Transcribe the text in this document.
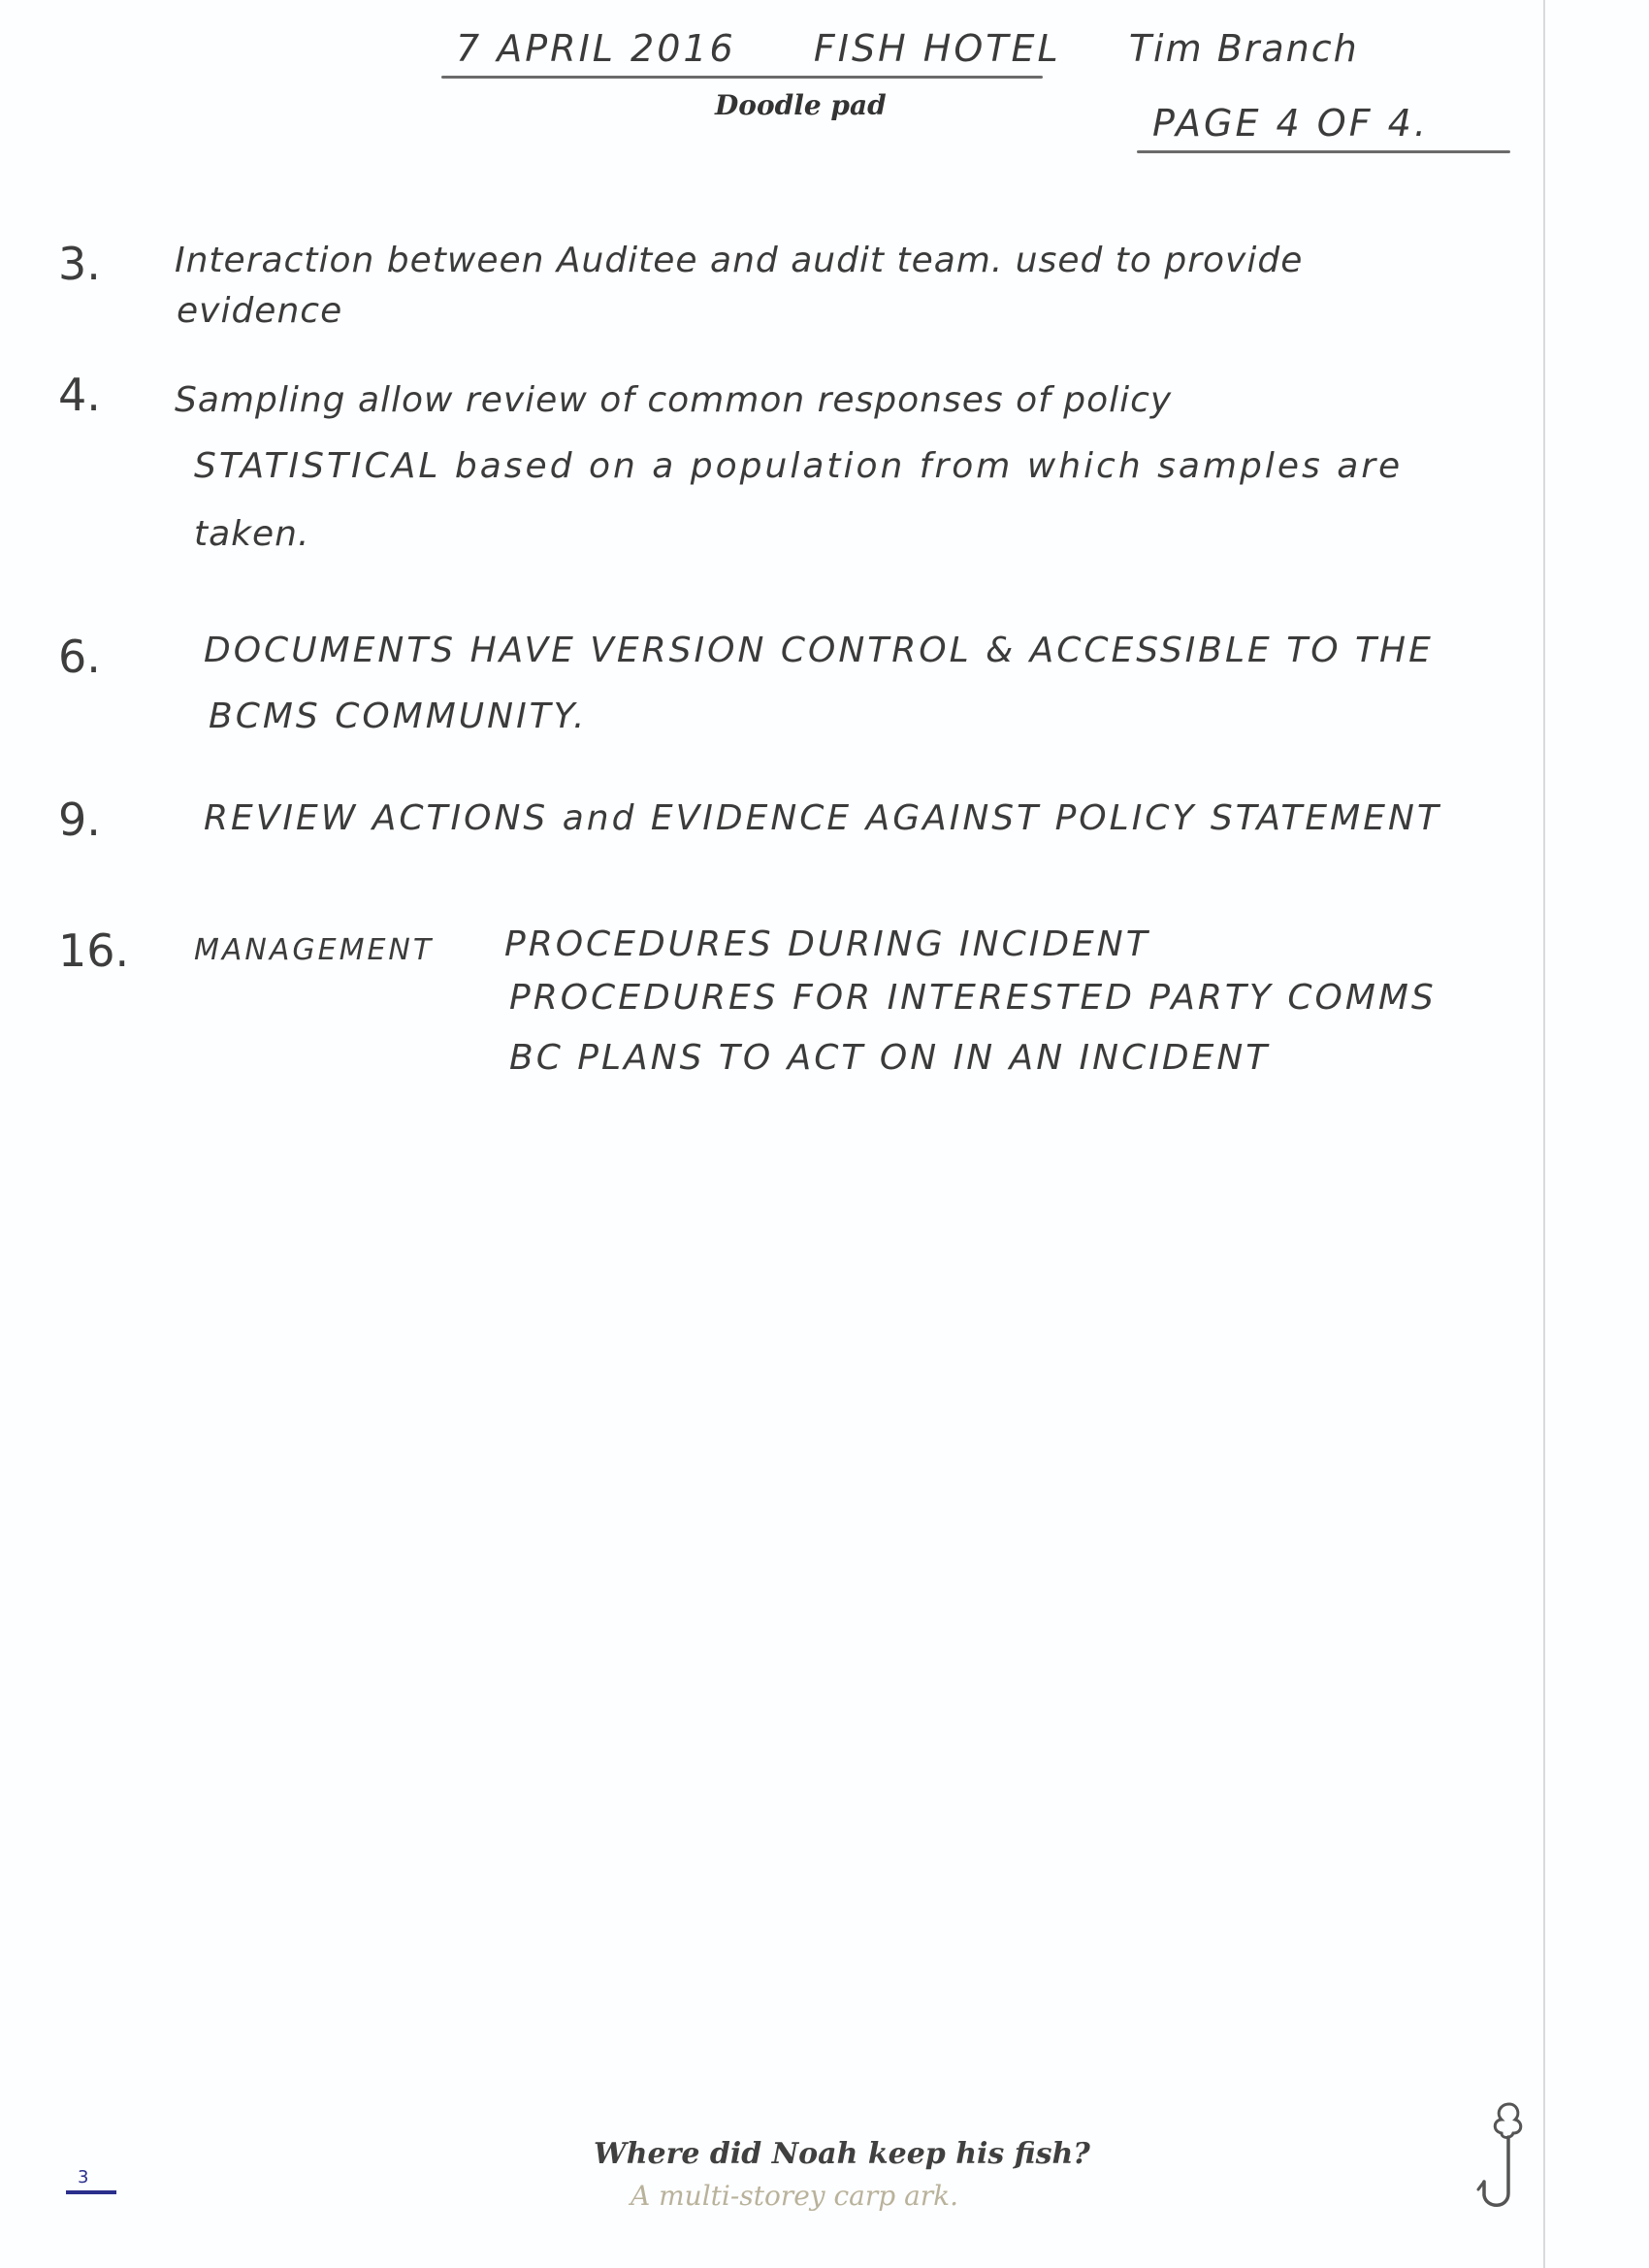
7 APRIL 2016 FISH HOTEL Tim Branch
Doodle pad	PAGE 4 OF 4.
3. Interaction between Auditee and audit team. used to provide
evidence
4. Sampling allow review of common responses of policy
STATISTICAL based on a population from which samples are
taken.
6.	DOCUMENTS HAVE VERSION CONTROL & ACCESSIBLE TO THE
BCMS COMMUNITY.
9.	REVIEW ACTIONS and EVIDENCE AGAINST POLICY STATEMENT
16. MANAGEMENT PROCEDURES DURING INCIDENT
PROCEDURES FOR INTERESTED PARTY COMMS
BC PLANS TO ACT ON IN AN INCIDENT
Where did Noah keep his fish?
A multi-storey carp ark.
3
